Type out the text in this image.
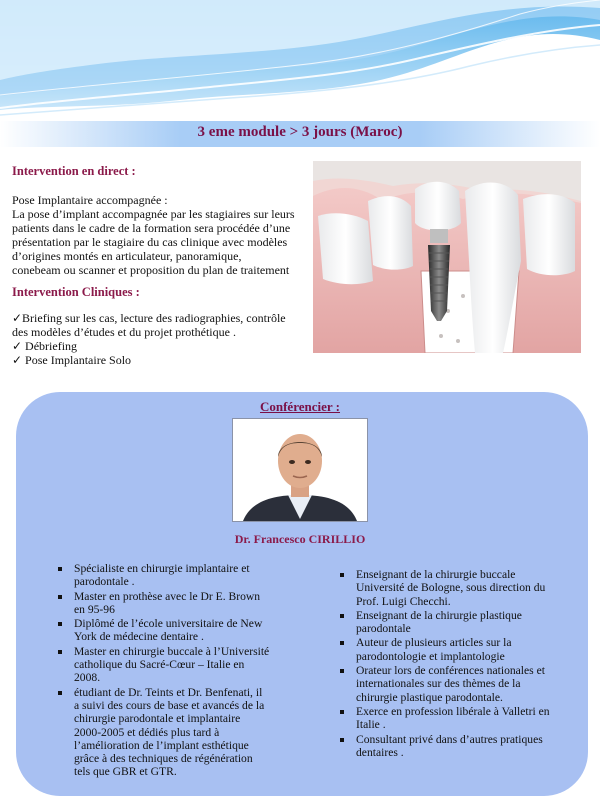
3 eme module > 3 jours (Maroc)
Intervention en direct :
Pose Implantaire accompagnée :
La pose d’implant accompagnée par les stagiaires sur leurs
patients dans le cadre de la formation sera procédée d’une
présentation par le stagiaire du cas clinique avec modèles
d’origines montés en articulateur, panoramique,
conebeam ou scanner et proposition du plan de traitement
Intervention Cliniques :
✓Briefing sur les cas, lecture des radiographies, contrôle
des modèles d’études et du projet prothétique .
✓ Débriefing
✓ Pose Implantaire Solo
Conférencier :
Dr. Francesco CIRILLIO
Spécialiste en chirurgie implantaire et
parodontale .
Master en prothèse avec le Dr E. Brown
en 95-96
Diplômé de l’école universitaire de New
York de médecine dentaire .
Master en chirurgie buccale à l’Université
catholique du Sacré-Cœur – Italie en
2008.
étudiant de Dr. Teints et Dr. Benfenati, il
a suivi des cours de base et avancés de la
chirurgie parodontale et implantaire
2000-2005 et dédiés plus tard à
l’amélioration de l’implant esthétique
grâce à des techniques de régénération
tels que GBR et GTR.
Enseignant de la chirurgie buccale
Université de Bologne, sous direction du
Prof. Luigi Checchi.
Enseignant de la chirurgie plastique
parodontale
Auteur de plusieurs articles sur la
parodontologie et implantologie
Orateur lors de conférences nationales et
internationales sur des thèmes de la
chirurgie plastique parodontale.
Exerce en profession libérale à Valletri en
Italie .
Consultant privé dans d’autres pratiques
dentaires .
